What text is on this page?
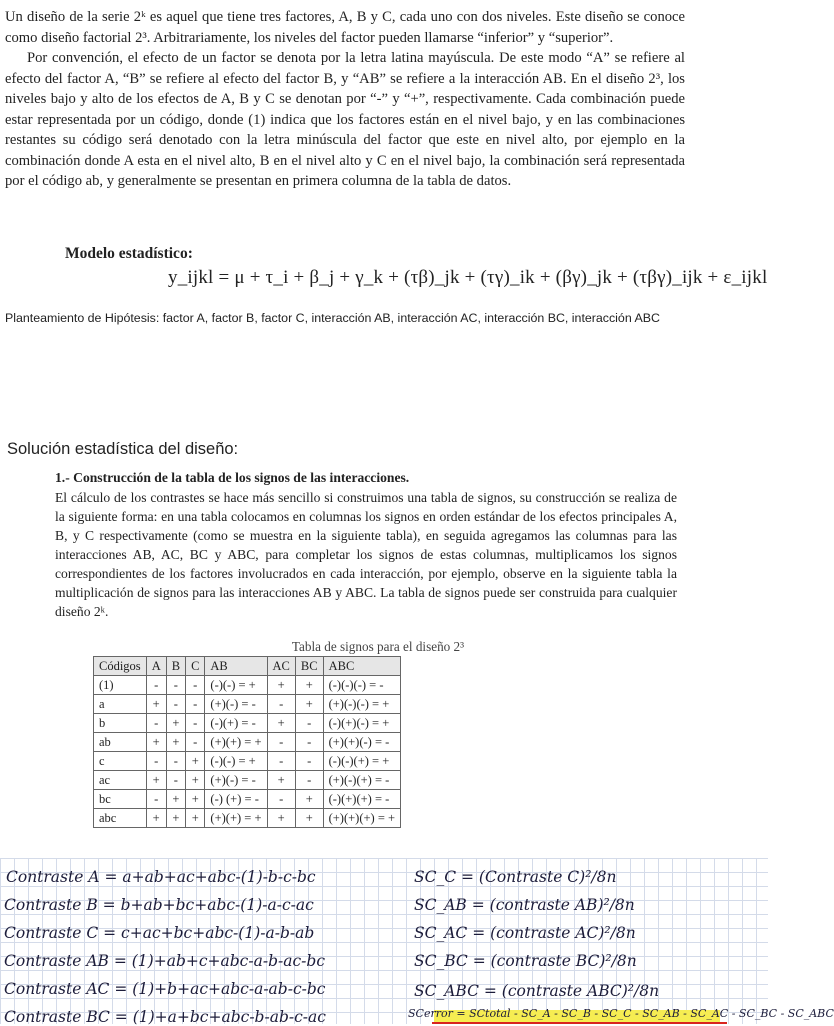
Un diseño de la serie 2ᵏ es aquel que tiene tres factores, A, B y C, cada uno con dos niveles. Este diseño se conoce como diseño factorial 2³. Arbitrariamente, los niveles del factor pueden llamarse “inferior” y “superior”.

Por convención, el efecto de un factor se denota por la letra latina mayúscula. De este modo “A” se refiere al efecto del factor A, “B” se refiere al efecto del factor B, y “AB” se refiere a la interacción AB. En el diseño 2³, los niveles bajo y alto de los efectos de A, B y C se denotan por “-” y “+”, respectivamente. Cada combinación puede estar representada por un código, donde (1) indica que los factores están en el nivel bajo, y en las combinaciones restantes su código será denotado con la letra minúscula del factor que este en nivel alto, por ejemplo en la combinación donde A esta en el nivel alto, B en el nivel alto y C en el nivel bajo, la combinación será representada por el código ab, y generalmente se presentan en primera columna de la tabla de datos.

Modelo estadístico:
y_ijkl = μ + τ_i + β_j + γ_k + (τβ)_jk + (τγ)_ik + (βγ)_jk + (τβγ)_ijk + ε_ijkl
Planteamiento de Hipótesis: factor A, factor B, factor C, interacción AB, interacción AC, interacción BC, interacción ABC
Solución estadística del diseño:
1.- Construcción de la tabla de los signos de las interacciones.

El cálculo de los contrastes se hace más sencillo si construimos una tabla de signos, su construcción se realiza de la siguiente forma: en una tabla colocamos en columnas los signos en orden estándar de los efectos principales A, B, y C respectivamente (como se muestra en la siguiente tabla), en seguida agregamos las columnas para las interacciones AB, AC, BC y ABC, para completar los signos de estas columnas, multiplicamos los signos correspondientes de los factores involucrados en cada interacción, por ejemplo, observe en la siguiente tabla la multiplicación de signos para las interacciones AB y ABC. La tabla de signos puede ser construida para cualquier diseño 2ᵏ.

Tabla de signos para el diseño 2³
Códigos	A	B	C	AB	AC	BC	ABC
(1)	-	-	-	(-)(-) = +	+	+	(-)(-)(-) = -
a	+	-	-	(+)(-) = -	-	+	(+)(-)(-) = +
b	-	+	-	(-)(+) = -	+	-	(-)(+)(-) = +
ab	+	+	-	(+)(+) = +	-	-	(+)(+)(-) = -
c	-	-	+	(-)(-) = +	-	-	(-)(-)(+) = +
ac	+	-	+	(+)(-) = -	+	-	(+)(-)(+) = -
bc	-	+	+	(-) (+) = -	-	+	(-)(+)(+) = -
abc	+	+	+	(+)(+) = +	+	+	(+)(+)(+) = +
Contraste A = a+ab+ac+abc-(1)-b-c-bc
Contraste B = b+ab+bc+abc-(1)-a-c-ac
Contraste C = c+ac+bc+abc-(1)-a-b-ab
Contraste AB = (1)+ab+c+abc-a-b-ac-bc
Contraste AC = (1)+b+ac+abc-a-ab-c-bc
Contraste BC = (1)+a+bc+abc-b-ab-c-ac
SC_C = (Contraste C)²/8n
SC_AB = (contraste AB)²/8n
SC_AC = (contraste AC)²/8n
SC_BC = (contraste BC)²/8n
SC_ABC = (contraste ABC)²/8n
SCerror = SCtotal - SC_A - SC_B - SC_C - SC_AB - SC_AC - SC_BC - SC_ABC
